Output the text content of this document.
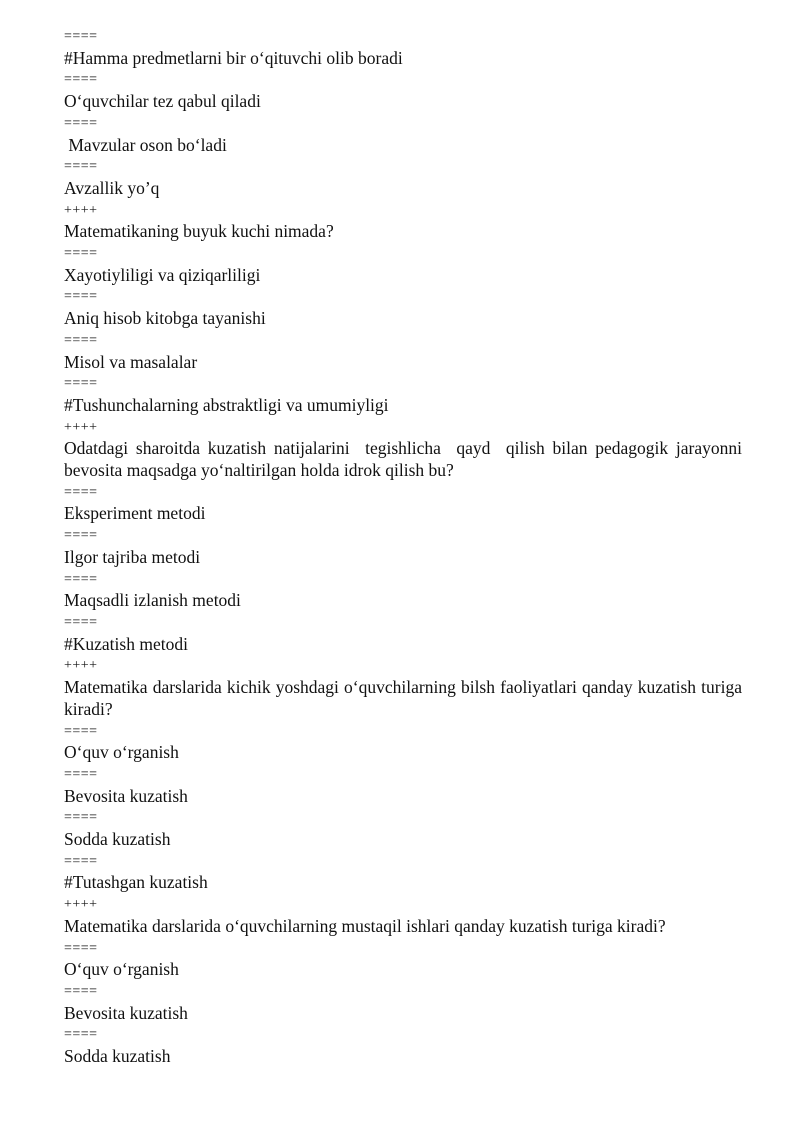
====

#Hamma predmetlarni bir o‘qituvchi olib boradi

====

O‘quvchilar tez qabul qiladi

====

Mavzular oson bo‘ladi

====

Avzallik yo’q

++++

Matematikaning buyuk kuchi nimada?

====

Xayotiyliligi va qiziqarliligi

====

Aniq hisob kitobga tayanishi

====

Misol va masalalar

====

#Tushunchalarning abstraktligi va umumiyligi

++++

Odatdagi sharoitda kuzatish natijalarini  tegishlicha  qayd  qilish bilan pedagogik jarayonni bevosita maqsadga yo‘naltirilgan holda idrok qilish bu?

====

Eksperiment metodi

====

Ilgor tajriba metodi

====

Maqsadli izlanish metodi

====

#Kuzatish metodi

++++

Matematika darslarida kichik yoshdagi o‘quvchilarning bilsh faoliyatlari qanday kuzatish turiga kiradi?

====

O‘quv o‘rganish

====

Bevosita kuzatish

====

Sodda kuzatish

====

#Tutashgan kuzatish

++++

Matematika darslarida o‘quvchilarning mustaqil ishlari qanday kuzatish turiga kiradi?

====

O‘quv o‘rganish

====

Bevosita kuzatish

====

Sodda kuzatish
